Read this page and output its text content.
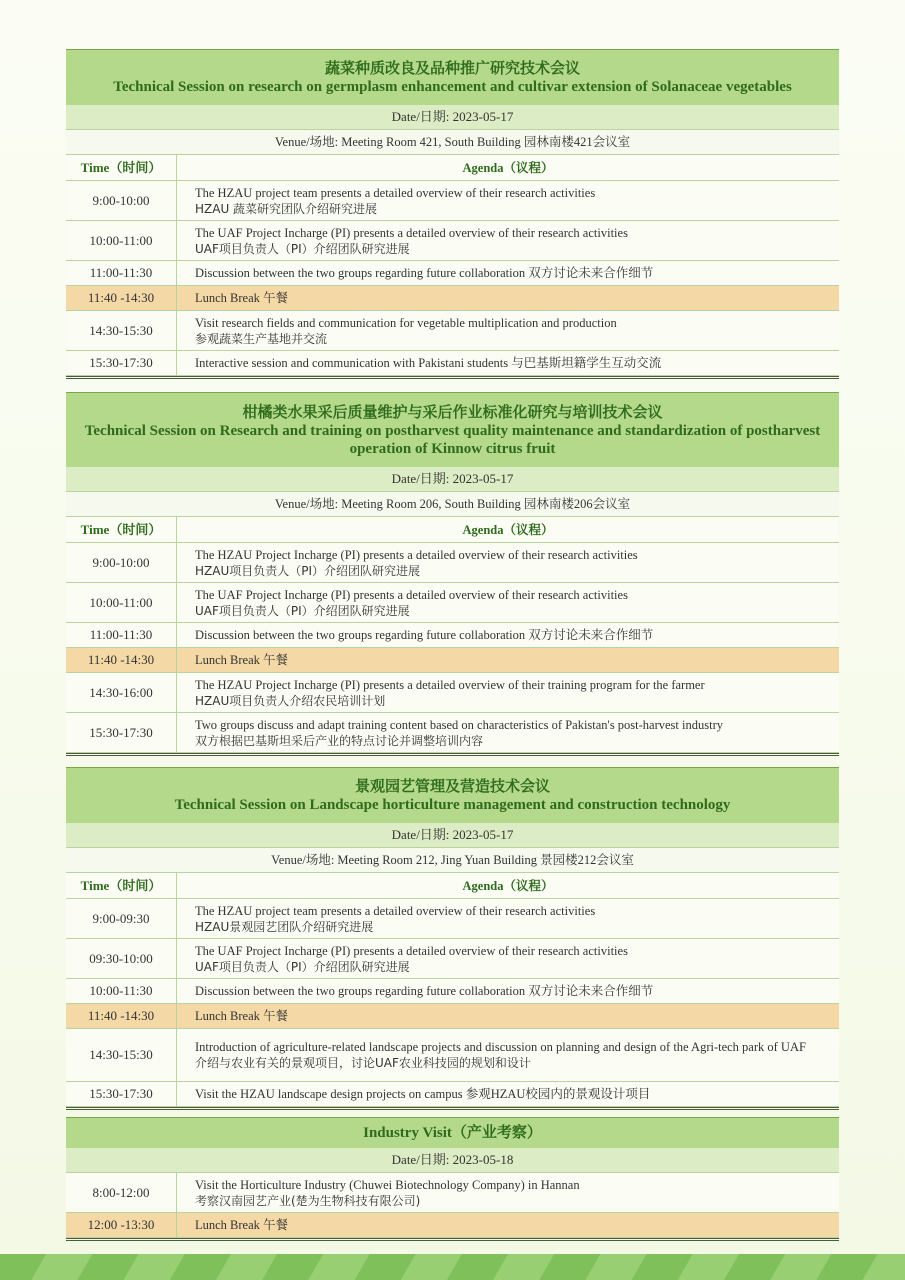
蔬菜种质改良及品种推广研究技术会议
Technical Session on research on germplasm enhancement and cultivar extension of Solanaceae vegetables
Date/日期: 2023-05-17
Venue/场地: Meeting Room 421, South Building 园林南楼421会议室
Time（时间）	Agenda（议程）
9:00-10:00	The HZAU project team presents a detailed overview of their research activities
HZAU 蔬菜研究团队介绍研究进展
10:00-11:00	The UAF Project Incharge (PI) presents a detailed overview of their research activities
UAF项目负责人（PI）介绍团队研究进展
11:00-11:30	Discussion between the two groups regarding future collaboration 双方讨论未来合作细节
11:40 -14:30	Lunch Break 午餐
14:30-15:30	Visit research fields and communication for vegetable multiplication and production
参观蔬菜生产基地并交流
15:30-17:30	Interactive session and communication with Pakistani students 与巴基斯坦籍学生互动交流
柑橘类水果采后质量维护与采后作业标准化研究与培训技术会议
Technical Session on Research and training on postharvest quality maintenance and standardization of postharvest operation of Kinnow citrus fruit
Date/日期: 2023-05-17
Venue/场地: Meeting Room 206, South Building 园林南楼206会议室
Time（时间）	Agenda（议程）
9:00-10:00	The HZAU Project Incharge (PI) presents a detailed overview of their research activities
HZAU项目负责人（PI）介绍团队研究进展
10:00-11:00	The UAF Project Incharge (PI) presents a detailed overview of their research activities
UAF项目负责人（PI）介绍团队研究进展
11:00-11:30	Discussion between the two groups regarding future collaboration 双方讨论未来合作细节
11:40 -14:30	Lunch Break 午餐
14:30-16:00	The HZAU Project Incharge (PI) presents a detailed overview of their training program for the farmer
HZAU项目负责人介绍农民培训计划
15:30-17:30	Two groups discuss and adapt training content based on characteristics of Pakistan's post-harvest industry
双方根据巴基斯坦采后产业的特点讨论并调整培训内容
景观园艺管理及营造技术会议
Technical Session on Landscape horticulture management and construction technology
Date/日期: 2023-05-17
Venue/场地: Meeting Room 212, Jing Yuan Building 景园楼212会议室
Time（时间）	Agenda（议程）
9:00-09:30	The HZAU project team presents a detailed overview of their research activities
HZAU景观园艺团队介绍研究进展
09:30-10:00	The UAF Project Incharge (PI) presents a detailed overview of their research activities
UAF项目负责人（PI）介绍团队研究进展
10:00-11:30	Discussion between the two groups regarding future collaboration 双方讨论未来合作细节
11:40 -14:30	Lunch Break 午餐
14:30-15:30	Introduction of agriculture-related landscape projects and discussion on planning and design of the Agri-tech park of UAF
介绍与农业有关的景观项目，讨论UAF农业科技园的规划和设计
15:30-17:30	Visit the HZAU landscape design projects on campus 参观HZAU校园内的景观设计项目
Industry Visit（产业考察）
Date/日期: 2023-05-18
8:00-12:00	Visit the Horticulture Industry (Chuwei Biotechnology Company) in Hannan
考察汉南园艺产业(楚为生物科技有限公司)
12:00 -13:30	Lunch Break 午餐
